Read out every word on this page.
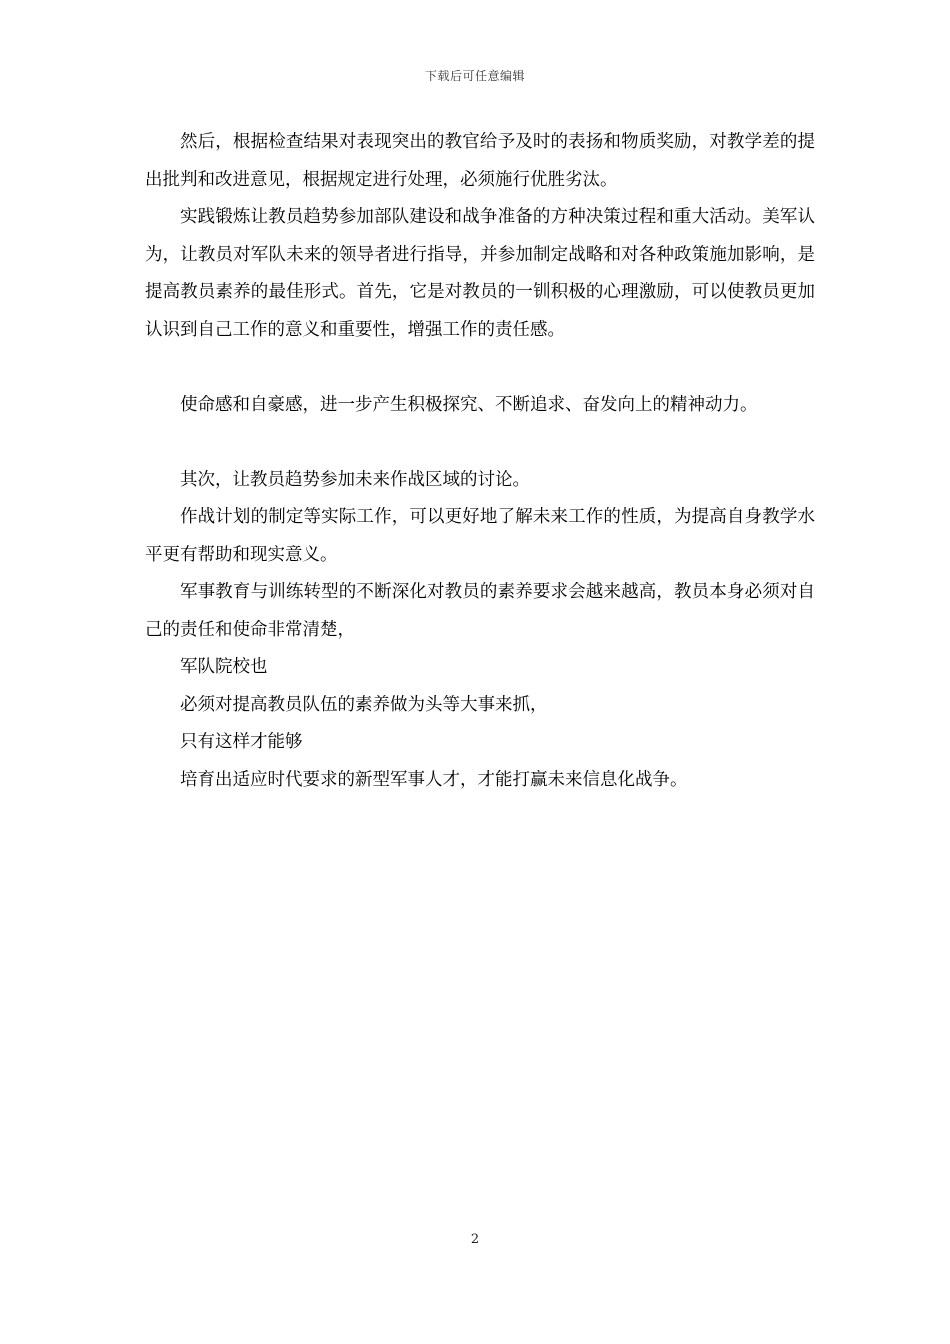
下载后可任意编辑

然后，根据检查结果对表现突出的教官给予及时的表扬和物质奖励，对教学差的提出批判和改进意见，根据规定进行处理，必须施行优胜劣汰。

实践锻炼让教员趋势参加部队建设和战争准备的方种决策过程和重大活动。美军认为，让教员对军队未来的领导者进行指导，并参加制定战略和对各种政策施加影响，是提高教员素养的最佳形式。首先，它是对教员的一钏积极的心理激励，可以使教员更加认识到自己工作的意义和重要性，增强工作的责任感。

使命感和自豪感，进一步产生积极探究、不断追求、奋发向上的精神动力。

其次，让教员趋势参加未来作战区域的讨论。

作战计划的制定等实际工作，可以更好地了解未来工作的性质，为提高自身教学水平更有帮助和现实意义。

军事教育与训练转型的不断深化对教员的素养要求会越来越高，教员本身必须对自己的责任和使命非常清楚，

军队院校也

必须对提高教员队伍的素养做为头等大事来抓，

只有这样才能够

培育出适应时代要求的新型军事人才，才能打赢未来信息化战争。

2
